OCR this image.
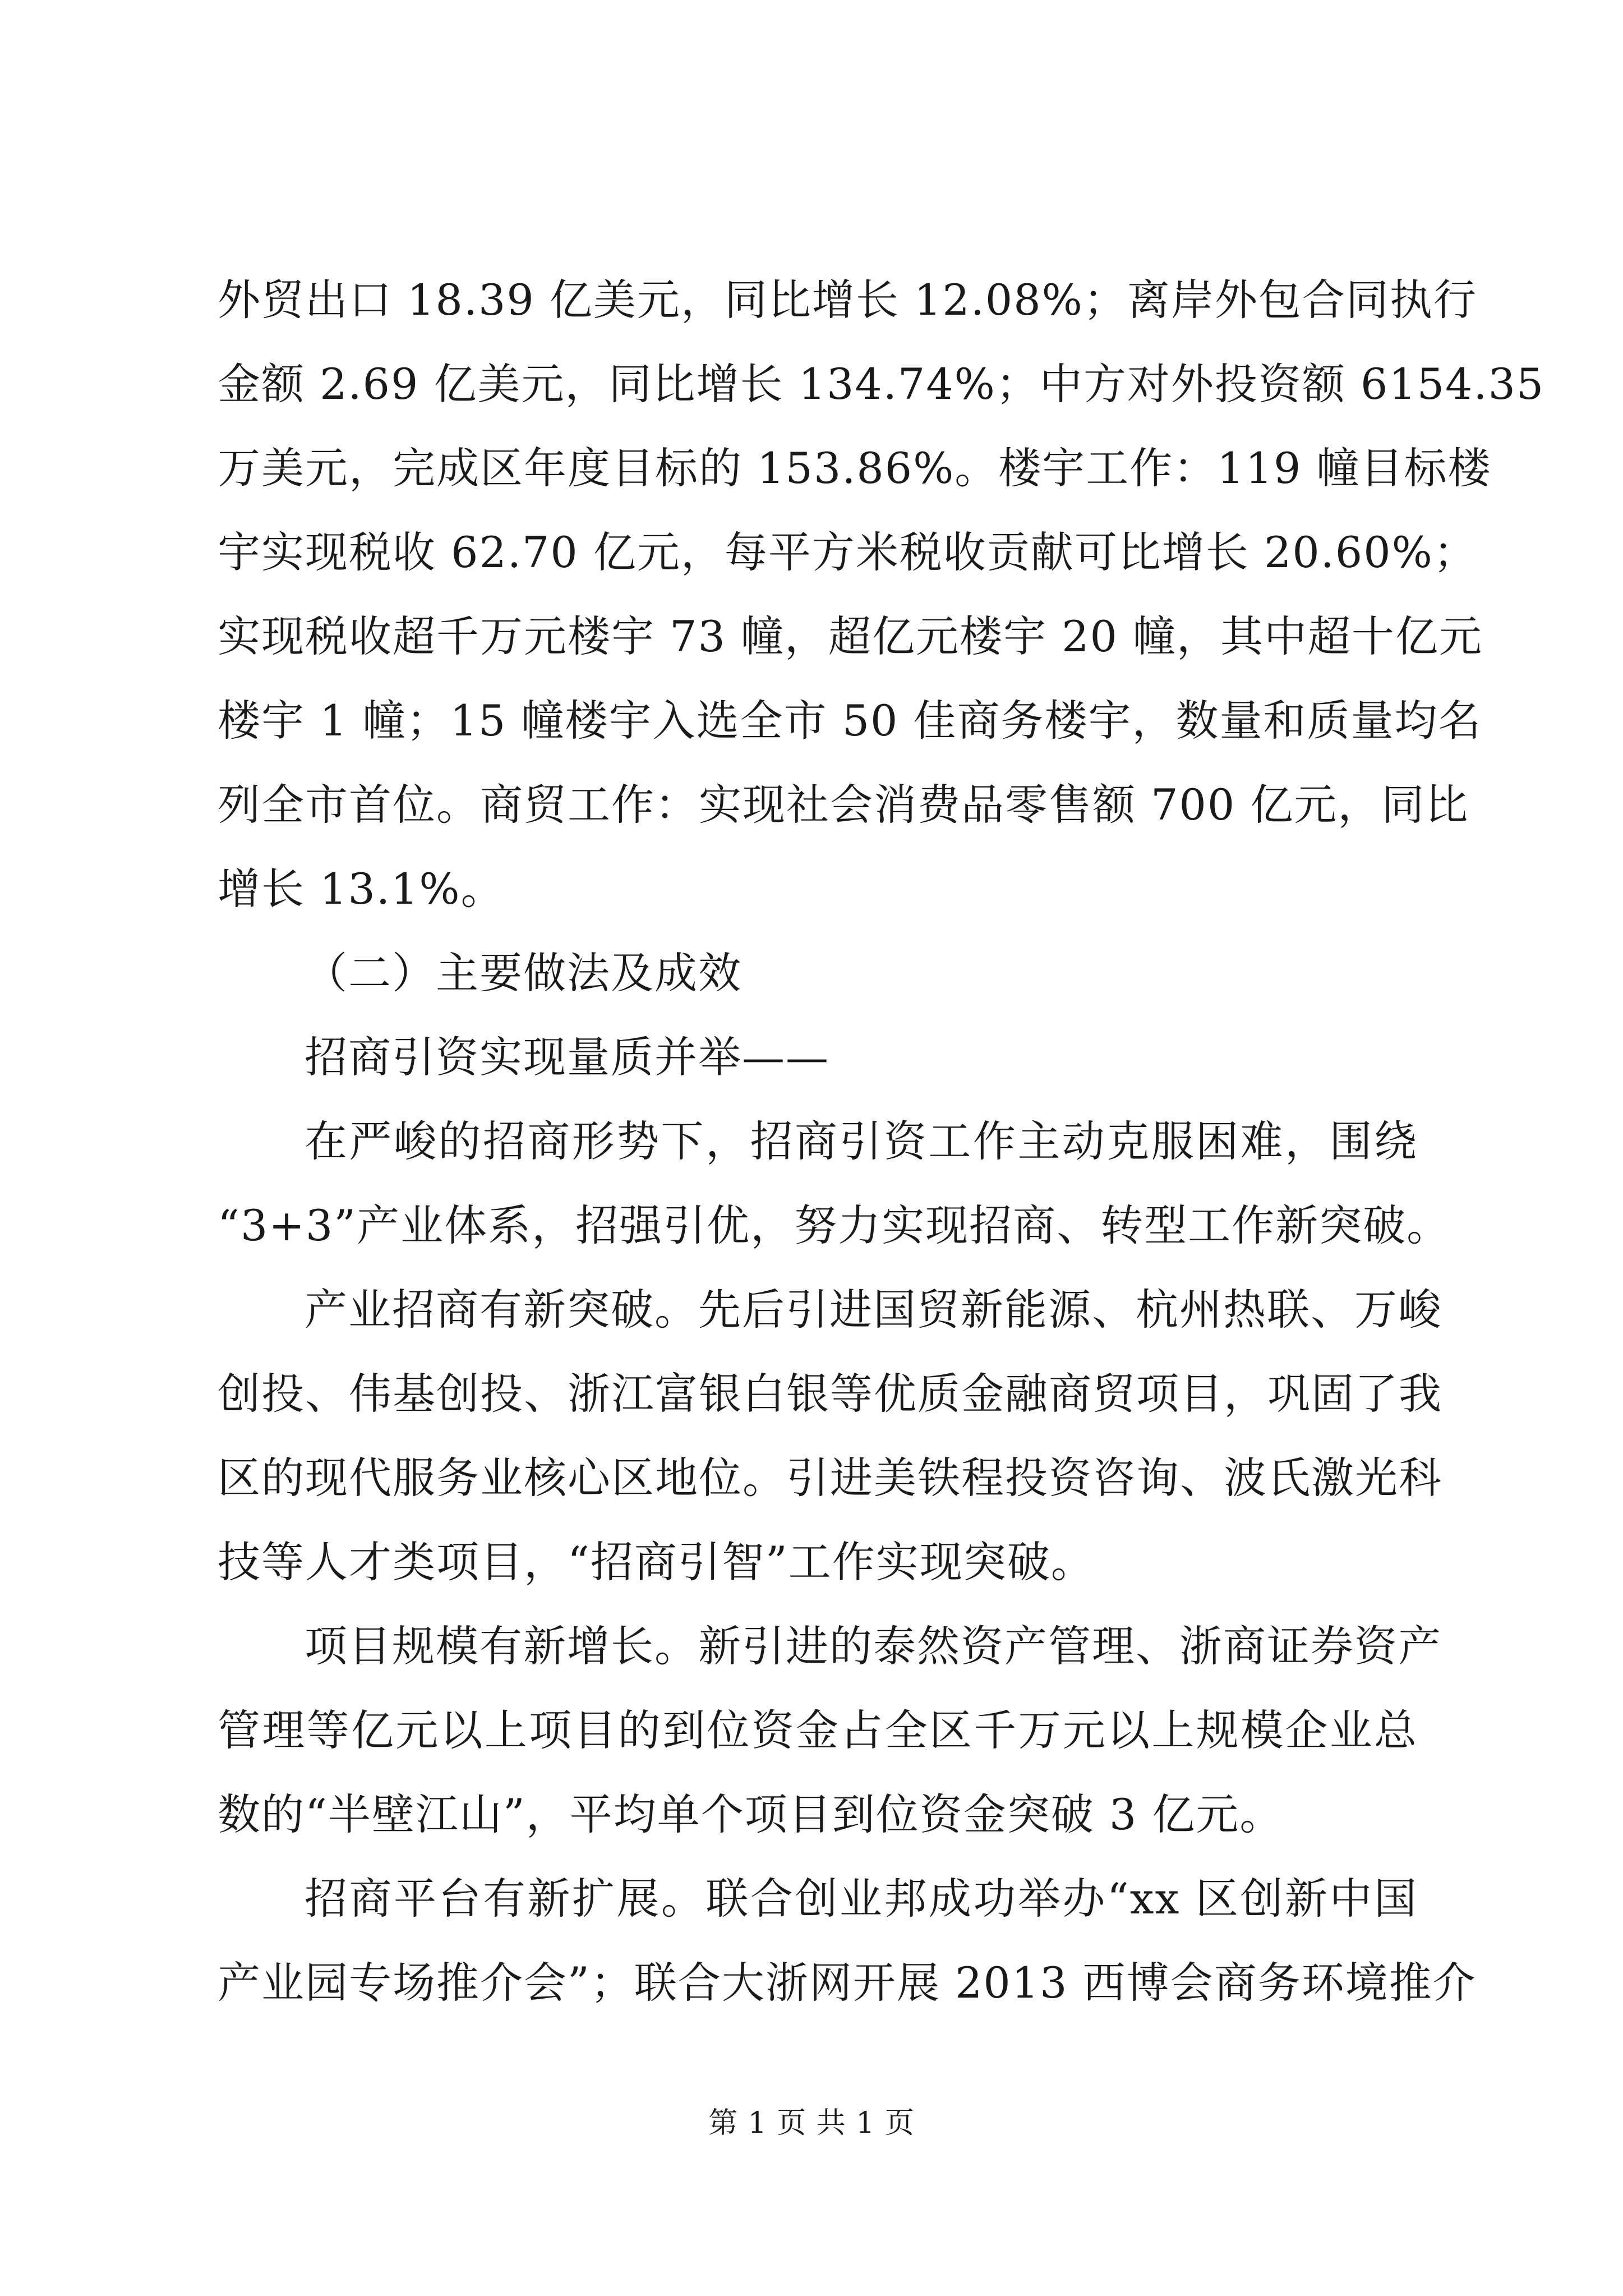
外贸出口 18.39 亿美元，同比增长 12.08%；离岸外包合同执行
金额 2.69 亿美元，同比增长 134.74%；中方对外投资额 6154.35
万美元，完成区年度目标的 153.86%。楼宇工作：119 幢目标楼
宇实现税收 62.70 亿元，每平方米税收贡献可比增长 20.60%；
实现税收超千万元楼宇 73 幢，超亿元楼宇 20 幢，其中超十亿元
楼宇 1 幢；15 幢楼宇入选全市 50 佳商务楼宇，数量和质量均名
列全市首位。商贸工作：实现社会消费品零售额 700 亿元，同比
增长 13.1%。
（二）主要做法及成效
招商引资实现量质并举——
在严峻的招商形势下，招商引资工作主动克服困难，围绕
“3+3”产业体系，招强引优，努力实现招商、转型工作新突破。
产业招商有新突破。先后引进国贸新能源、杭州热联、万峻
创投、伟基创投、浙江富银白银等优质金融商贸项目，巩固了我
区的现代服务业核心区地位。引进美铁程投资咨询、波氏激光科
技等人才类项目，“招商引智”工作实现突破。
项目规模有新增长。新引进的泰然资产管理、浙商证券资产
管理等亿元以上项目的到位资金占全区千万元以上规模企业总
数的“半壁江山”，平均单个项目到位资金突破 3 亿元。
招商平台有新扩展。联合创业邦成功举办“xx 区创新中国
产业园专场推介会”；联合大浙网开展 2013 西博会商务环境推介
第 1 页 共 1 页
